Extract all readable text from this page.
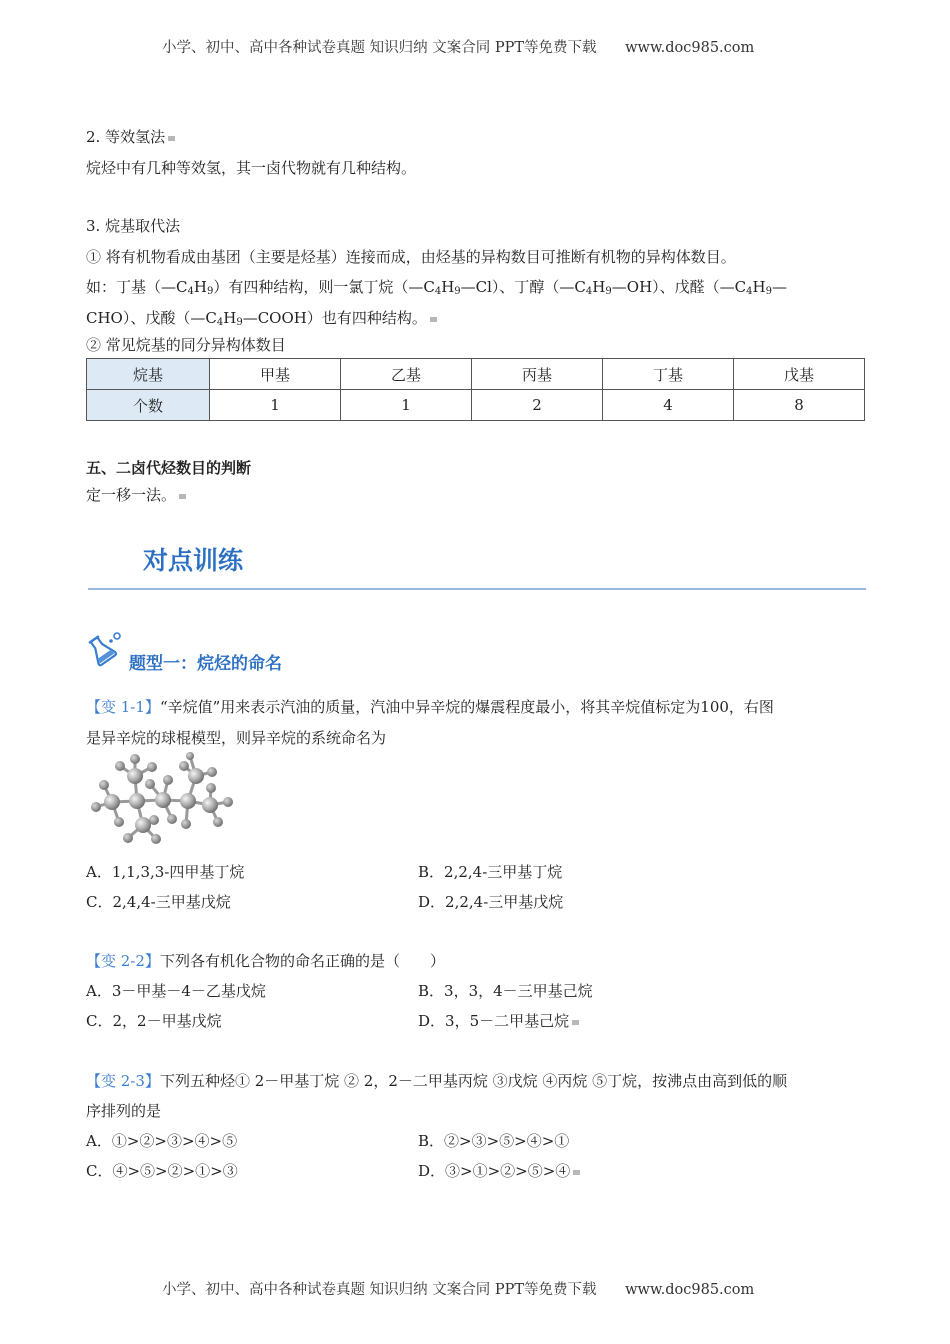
小学、初中、高中各种试卷真题 知识归纳 文案合同 PPT等免费下载 www.doc985.com
2. 等效氢法
烷烃中有几种等效氢，其一卤代物就有几种结构。
3. 烷基取代法
① 将有机物看成由基团（主要是烃基）连接而成，由烃基的异构数目可推断有机物的异构体数目。
如：丁基$(—C_4H_9)$有四种结构，则一氯丁烷$(—C_4H_9—Cl)$、丁醇$(—C_4H_9—OH)$、戊醛（$—C_4H_9—$
CHO）、戊酸$(—C_4H_9—COOH)$也有四种结构。
② 常见烷基的同分异构体数目
烷基	甲基	乙基	丙基	丁基	戊基
个数	1	1	2	4	8
五、二卤代烃数目的判断
定一移一法。
对点训练
题型一：烷烃的命名
【变 1-1】“辛烷值”用来表示汽油的质量，汽油中异辛烷的爆震程度最小，将其辛烷值标定为100，右图
是异辛烷的球棍模型，则异辛烷的系统命名为
A．1,1,3,3-四甲基丁烷	B．2,2,4-三甲基丁烷
C．2,4,4-三甲基戊烷	D．2,2,4-三甲基戊烷
【变 2-2】下列各有机化合物的命名正确的是（　　）
A．3－甲基－4－乙基戊烷	B．3，3，4－三甲基己烷
C．2，2－甲基戊烷	D．3，5－二甲基己烷
【变 2-3】下列五种烃① 2－甲基丁烷 ② 2，2－二甲基丙烷 ③戊烷 ④丙烷 ⑤丁烷，按沸点由高到低的顺
序排列的是
A．①>②>③>④>⑤	B．②>③>⑤>④>①
C．④>⑤>②>①>③	D．③>①>②>⑤>④
小学、初中、高中各种试卷真题 知识归纳 文案合同 PPT等免费下载 www.doc985.com
